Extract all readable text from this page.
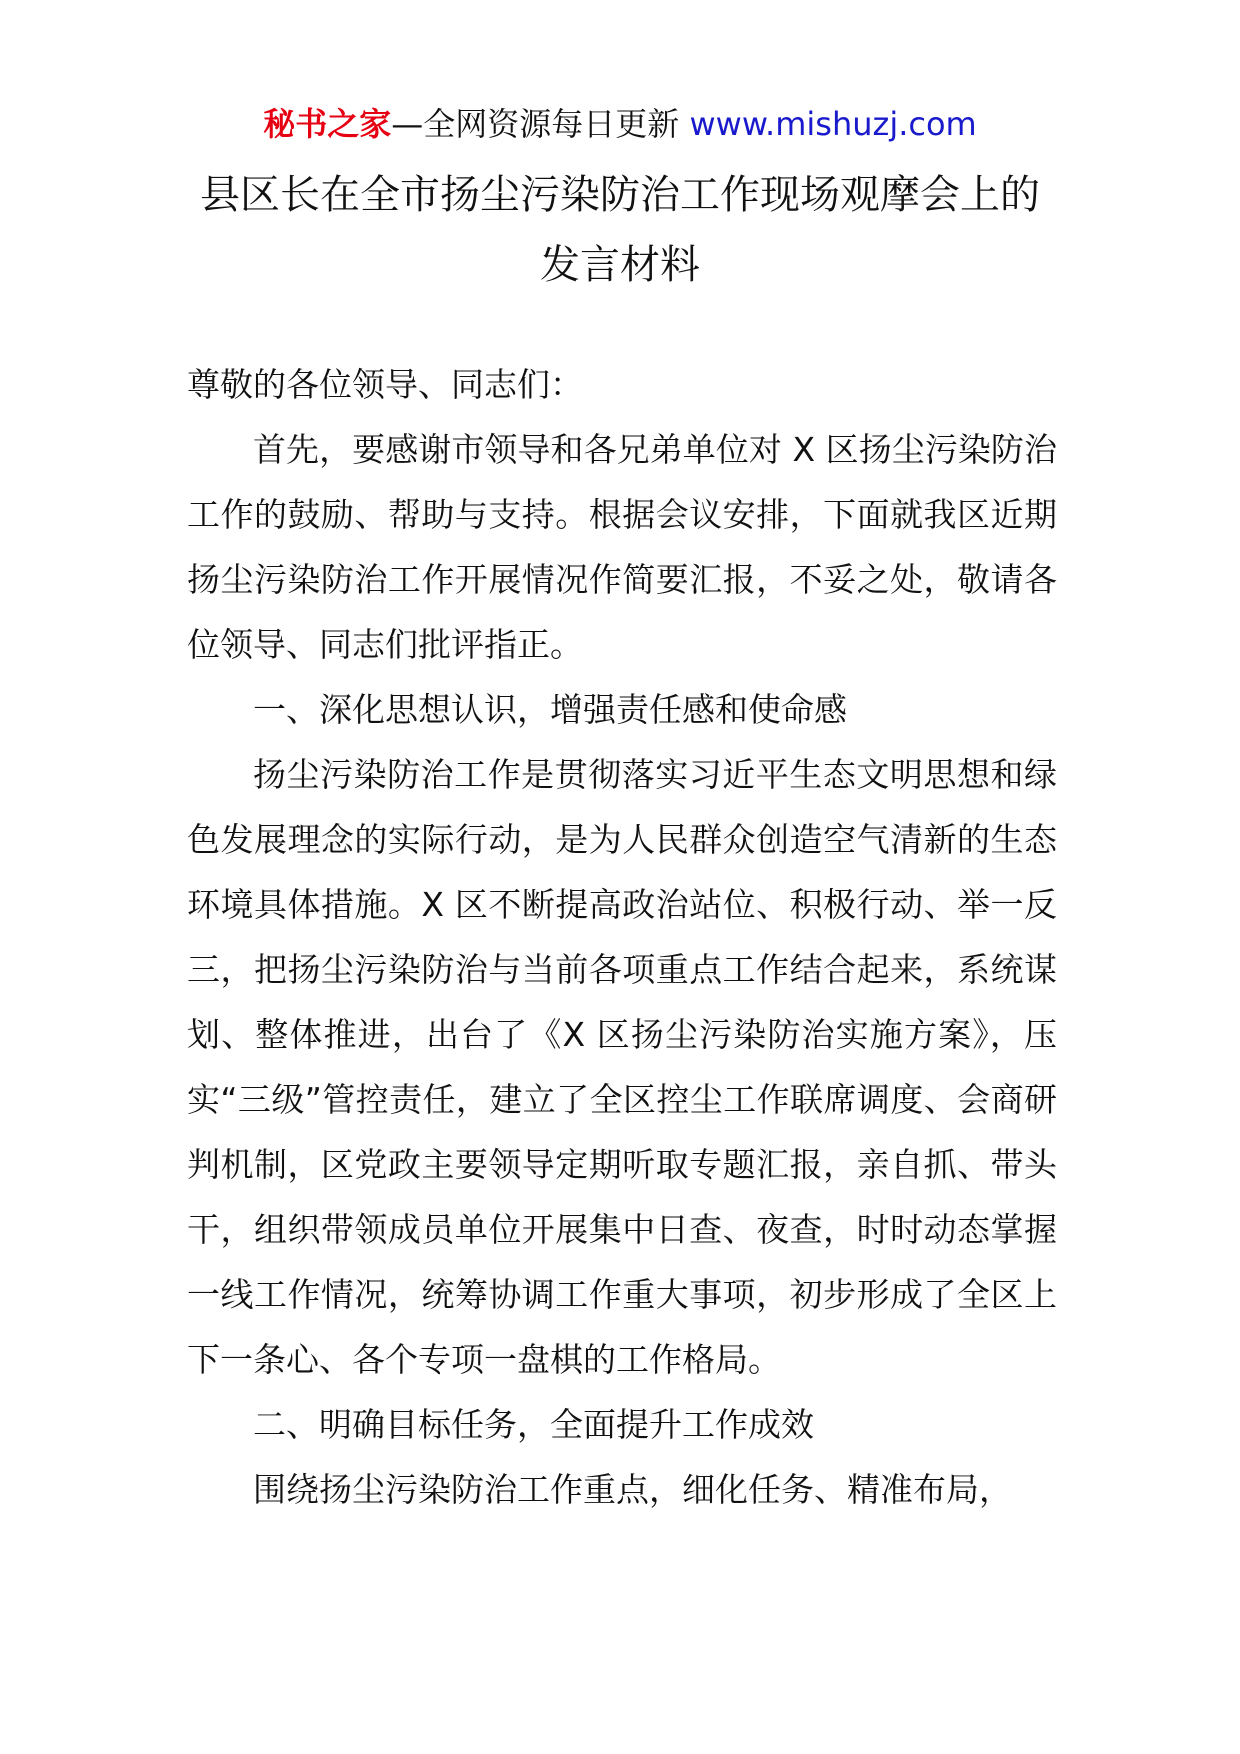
秘书之家—全网资源每日更新 www.mishuzj.com
县区长在全市扬尘污染防治工作现场观摩会上的发言材料

尊敬的各位领导、同志们：

首先，要感谢市领导和各兄弟单位对 X 区扬尘污染防治工作的鼓励、帮助与支持。根据会议安排，下面就我区近期扬尘污染防治工作开展情况作简要汇报，不妥之处，敬请各位领导、同志们批评指正。

一、深化思想认识，增强责任感和使命感

扬尘污染防治工作是贯彻落实习近平生态文明思想和绿色发展理念的实际行动，是为人民群众创造空气清新的生态环境具体措施。X 区不断提高政治站位、积极行动、举一反三，把扬尘污染防治与当前各项重点工作结合起来，系统谋划、整体推进，出台了《X 区扬尘污染防治实施方案》，压实“三级”管控责任，建立了全区控尘工作联席调度、会商研判机制，区党政主要领导定期听取专题汇报，亲自抓、带头干，组织带领成员单位开展集中日查、夜查，时时动态掌握一线工作情况，统筹协调工作重大事项，初步形成了全区上下一条心、各个专项一盘棋的工作格局。

二、明确目标任务，全面提升工作成效

围绕扬尘污染防治工作重点，细化任务、精准布局，
